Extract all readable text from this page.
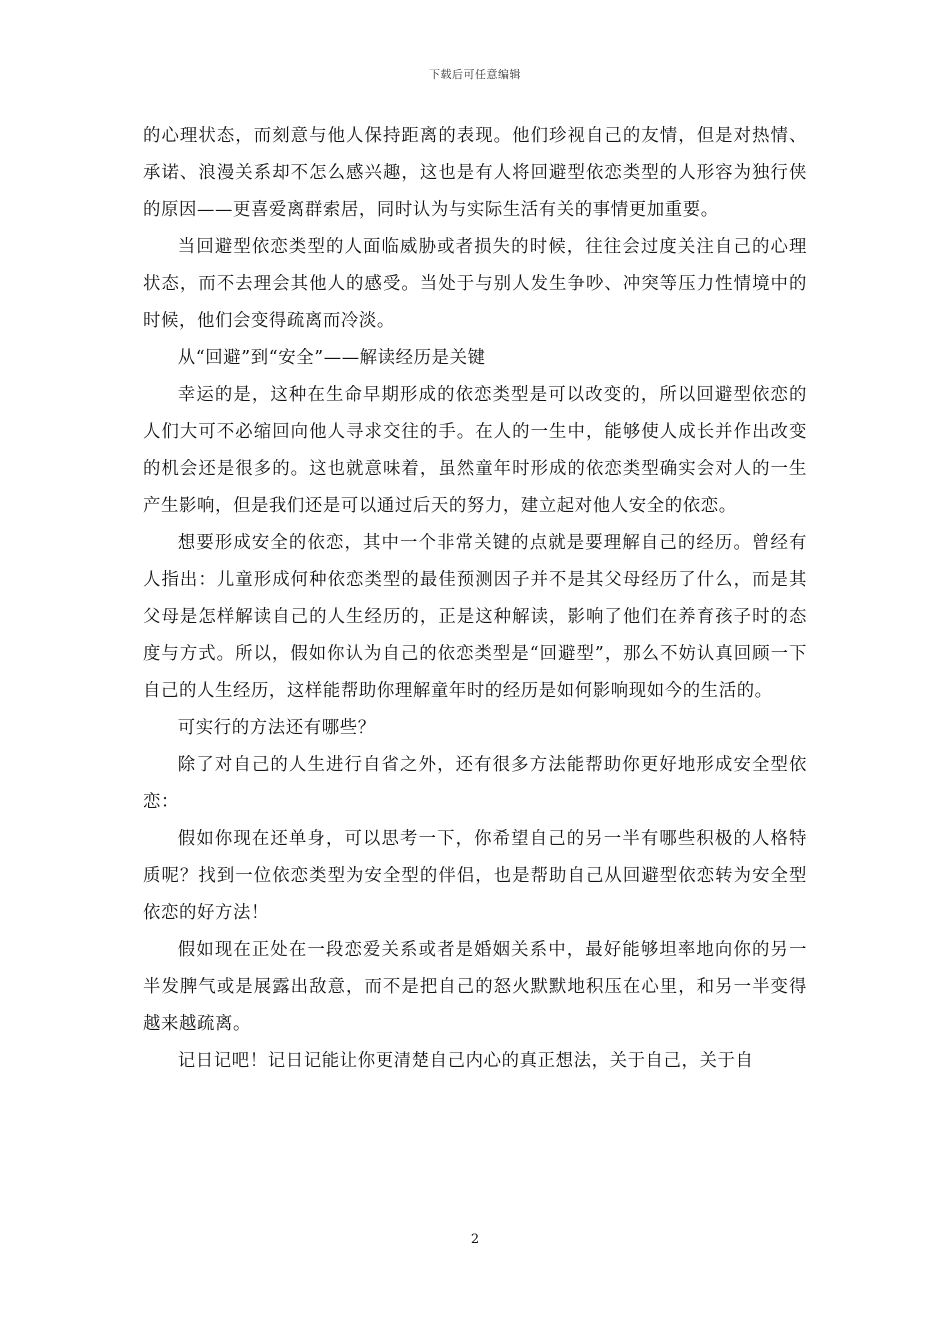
下载后可任意编辑

的心理状态，而刻意与他人保持距离的表现。他们珍视自己的友情，但是对热情、承诺、浪漫关系却不怎么感兴趣，这也是有人将回避型依恋类型的人形容为独行侠的原因——更喜爱离群索居，同时认为与实际生活有关的事情更加重要。

当回避型依恋类型的人面临威胁或者损失的时候，往往会过度关注自己的心理状态，而不去理会其他人的感受。当处于与别人发生争吵、冲突等压力性情境中的时候，他们会变得疏离而冷淡。

从“回避”到“安全”——解读经历是关键

幸运的是，这种在生命早期形成的依恋类型是可以改变的，所以回避型依恋的人们大可不必缩回向他人寻求交往的手。在人的一生中，能够使人成长并作出改变的机会还是很多的。这也就意味着，虽然童年时形成的依恋类型确实会对人的一生产生影响，但是我们还是可以通过后天的努力，建立起对他人安全的依恋。

想要形成安全的依恋，其中一个非常关键的点就是要理解自己的经历。曾经有人指出：儿童形成何种依恋类型的最佳预测因子并不是其父母经历了什么，而是其父母是怎样解读自己的人生经历的，正是这种解读，影响了他们在养育孩子时的态度与方式。所以，假如你认为自己的依恋类型是“回避型”，那么不妨认真回顾一下自己的人生经历，这样能帮助你理解童年时的经历是如何影响现如今的生活的。

可实行的方法还有哪些？

除了对自己的人生进行自省之外，还有很多方法能帮助你更好地形成安全型依恋：

假如你现在还单身，可以思考一下，你希望自己的另一半有哪些积极的人格特质呢？找到一位依恋类型为安全型的伴侣，也是帮助自己从回避型依恋转为安全型依恋的好方法！

假如现在正处在一段恋爱关系或者是婚姻关系中，最好能够坦率地向你的另一半发脾气或是展露出敌意，而不是把自己的怒火默默地积压在心里，和另一半变得越来越疏离。

记日记吧！记日记能让你更清楚自己内心的真正想法，关于自己，关于自

2
